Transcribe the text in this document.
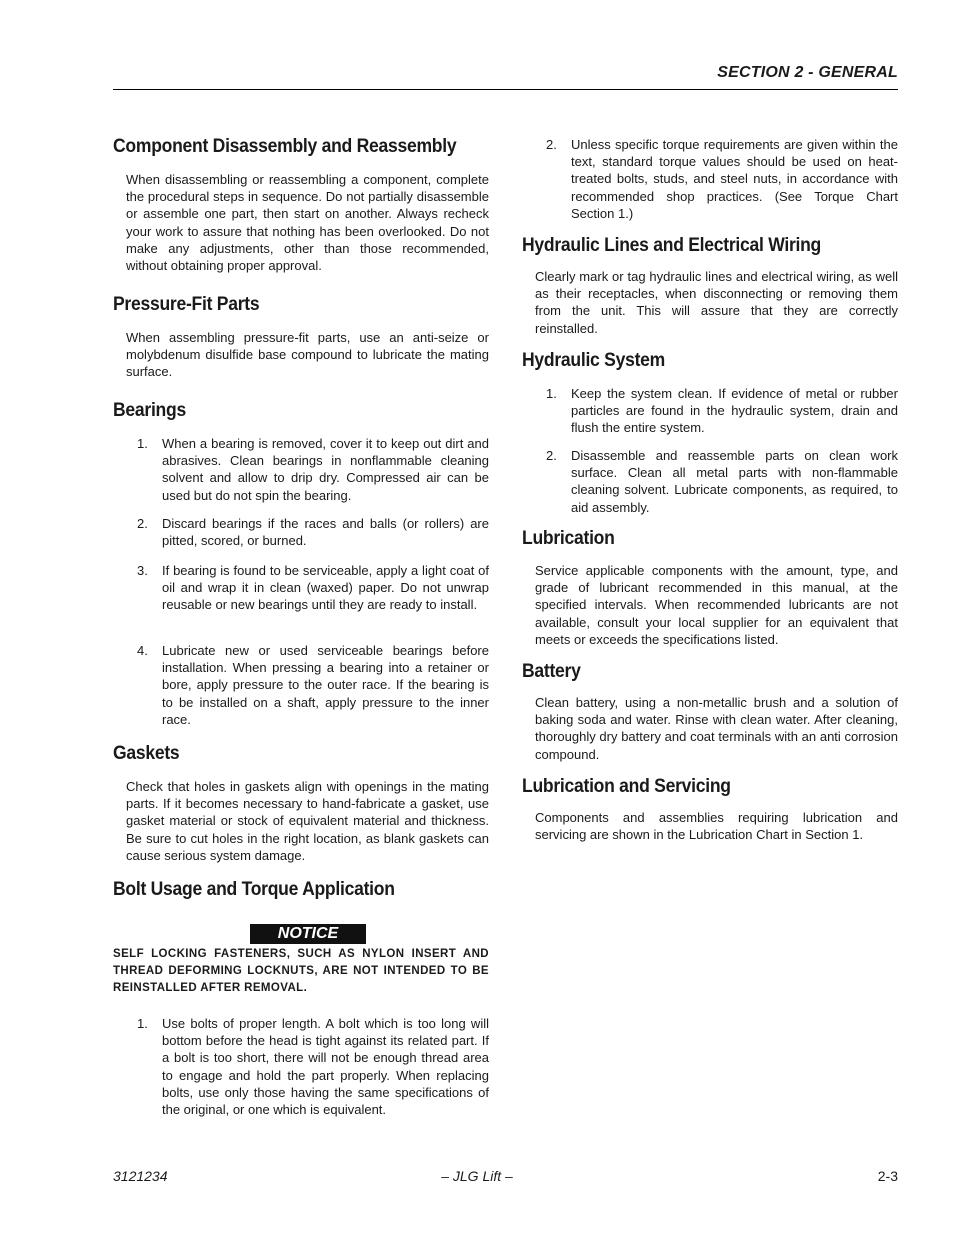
SECTION 2 - GENERAL
Component Disassembly and Reassembly

When disassembling or reassembling a component, complete the procedural steps in sequence. Do not partially disassemble or assemble one part, then start on another. Always recheck your work to assure that nothing has been overlooked. Do not make any adjustments, other than those recommended, without obtaining proper approval.

Pressure-Fit Parts

When assembling pressure-fit parts, use an anti-seize or molybdenum disulfide base compound to lubricate the mating surface.

Bearings
1. When a bearing is removed, cover it to keep out dirt and abrasives. Clean bearings in nonflammable cleaning solvent and allow to drip dry. Compressed air can be used but do not spin the bearing.
2. Discard bearings if the races and balls (or rollers) are pitted, scored, or burned.
3. If bearing is found to be serviceable, apply a light coat of oil and wrap it in clean (waxed) paper. Do not unwrap reusable or new bearings until they are ready to install.
4. Lubricate new or used serviceable bearings before installation. When pressing a bearing into a retainer or bore, apply pressure to the outer race. If the bearing is to be installed on a shaft, apply pressure to the inner race.
Gaskets

Check that holes in gaskets align with openings in the mating parts. If it becomes necessary to hand-fabricate a gasket, use gasket material or stock of equivalent material and thickness. Be sure to cut holes in the right location, as blank gaskets can cause serious system damage.

Bolt Usage and Torque Application
NOTICE
SELF LOCKING FASTENERS, SUCH AS NYLON INSERT AND THREAD DEFORMING LOCKNUTS, ARE NOT INTENDED TO BE REINSTALLED AFTER REMOVAL.
1. Use bolts of proper length. A bolt which is too long will bottom before the head is tight against its related part. If a bolt is too short, there will not be enough thread area to engage and hold the part properly. When replacing bolts, use only those having the same specifications of the original, or one which is equivalent.
2. Unless specific torque requirements are given within the text, standard torque values should be used on heat-treated bolts, studs, and steel nuts, in accordance with recommended shop practices. (See Torque Chart Section 1.)
Hydraulic Lines and Electrical Wiring

Clearly mark or tag hydraulic lines and electrical wiring, as well as their receptacles, when disconnecting or removing them from the unit. This will assure that they are correctly reinstalled.

Hydraulic System
1. Keep the system clean. If evidence of metal or rubber particles are found in the hydraulic system, drain and flush the entire system.
2. Disassemble and reassemble parts on clean work surface. Clean all metal parts with non-flammable cleaning solvent. Lubricate components, as required, to aid assembly.
Lubrication

Service applicable components with the amount, type, and grade of lubricant recommended in this manual, at the specified intervals. When recommended lubricants are not available, consult your local supplier for an equivalent that meets or exceeds the specifications listed.

Battery

Clean battery, using a non-metallic brush and a solution of baking soda and water. Rinse with clean water. After cleaning, thoroughly dry battery and coat terminals with an anti corrosion compound.

Lubrication and Servicing

Components and assemblies requiring lubrication and servicing are shown in the Lubrication Chart in Section 1.

3121234	– JLG Lift –	2-3
